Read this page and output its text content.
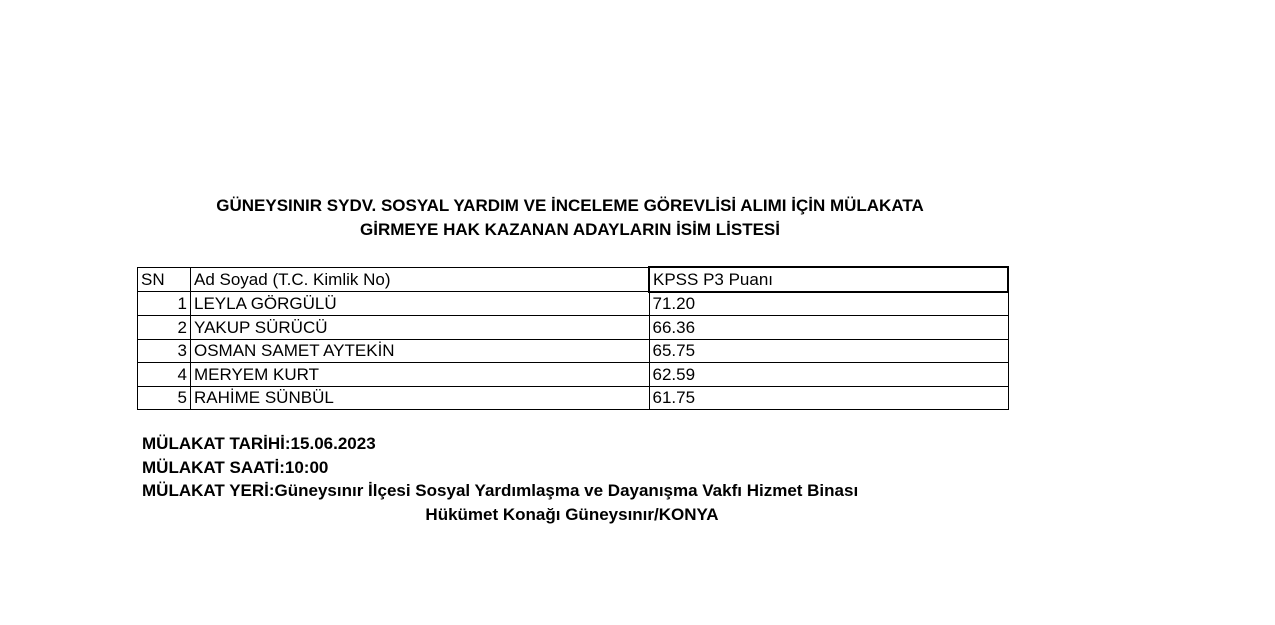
GÜNEYSINIR SYDV. SOSYAL YARDIM VE İNCELEME GÖREVLİSİ ALIMI İÇİN MÜLAKATA
GİRMEYE HAK KAZANAN ADAYLARIN İSİM LİSTESİ
SN	Ad Soyad (T.C. Kimlik No)	KPSS P3 Puanı
1	LEYLA GÖRGÜLÜ	71.20
2	YAKUP SÜRÜCÜ	66.36
3	OSMAN SAMET AYTEKİN	65.75
4	MERYEM KURT	62.59
5	RAHİME SÜNBÜL	61.75
MÜLAKAT TARİHİ:15.06.2023
MÜLAKAT SAATİ:10:00
MÜLAKAT YERİ:Güneysınır İlçesi Sosyal Yardımlaşma ve Dayanışma Vakfı Hizmet Binası
Hükümet Konağı Güneysınır/KONYA
